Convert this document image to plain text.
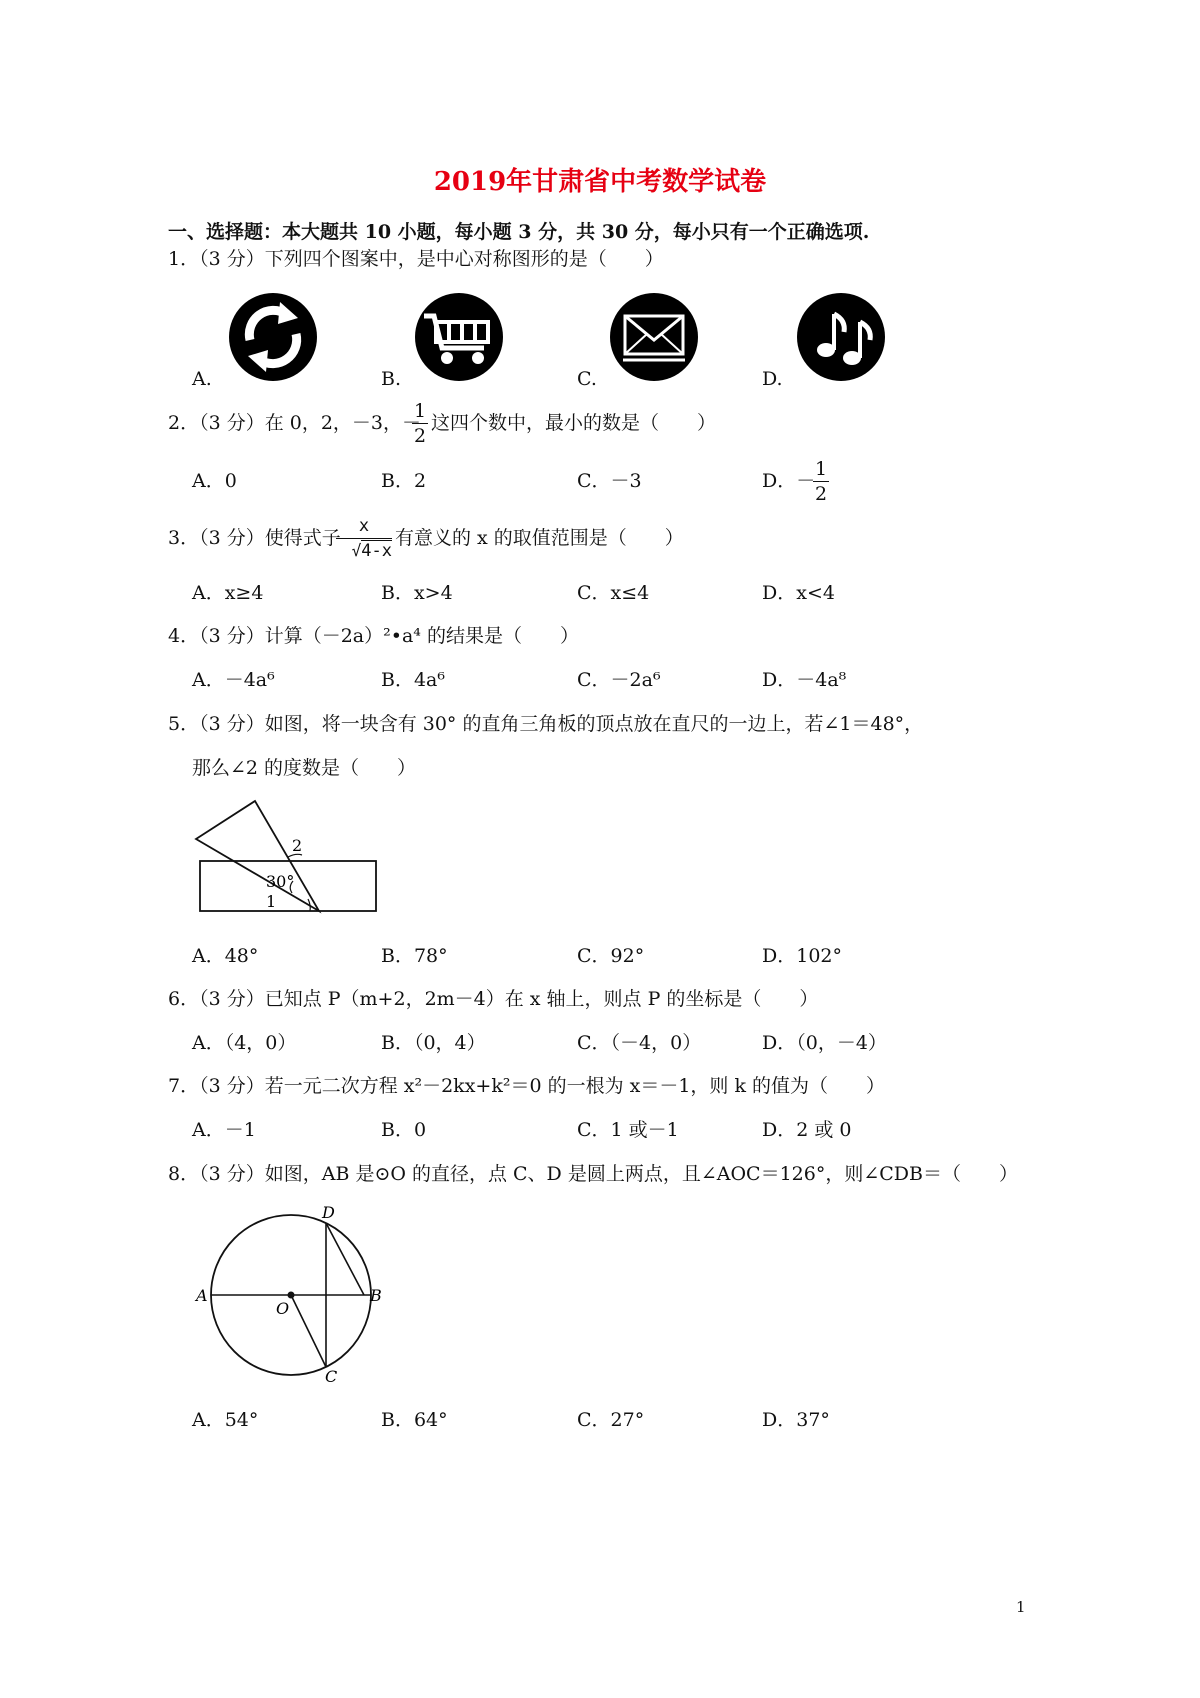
2019年甘肃省中考数学试卷
一、选择题：本大题共 10 小题，每小题 3 分，共 30 分，每小只有一个正确选项.
1．（3 分）下列四个图案中，是中心对称图形的是（　　）
A.	B.	C.	D.
2．（3 分）在 0，2，－3，－
1
2
这四个数中，最小的数是（　　）
A．0	B．2	C．－3	D．－
1
2
3．（3 分）使得式子
x
√4-x
有意义的 x 的取值范围是（　　）
A．x≥4	B．x>4	C．x≤4	D．x<4
4．（3 分）计算（－2a）²•a⁴ 的结果是（　　）
A．－4a⁶	B．4a⁶	C．－2a⁶	D．－4a⁸
5．（3 分）如图，将一块含有 30° 的直角三角板的顶点放在直尺的一边上，若∠1＝48°，
那么∠2 的度数是（　　）
2
30°
1
A．48°	B．78°	C．92°	D．102°
6．（3 分）已知点 P（m+2，2m－4）在 x 轴上，则点 P 的坐标是（　　）
A．（4，0）	B．（0，4）	C．（－4，0）	D．（0，－4）
7．（3 分）若一元二次方程 x²－2kx+k²＝0 的一根为 x＝－1，则 k 的值为（　　）
A．－1	B．0	C．1 或－1	D．2 或 0
8．（3 分）如图，AB 是⊙O 的直径，点 C、D 是圆上两点，且∠AOC＝126°，则∠CDB＝（　　）
D
A
O
B
C
A．54°	B．64°	C．27°	D．37°
1
